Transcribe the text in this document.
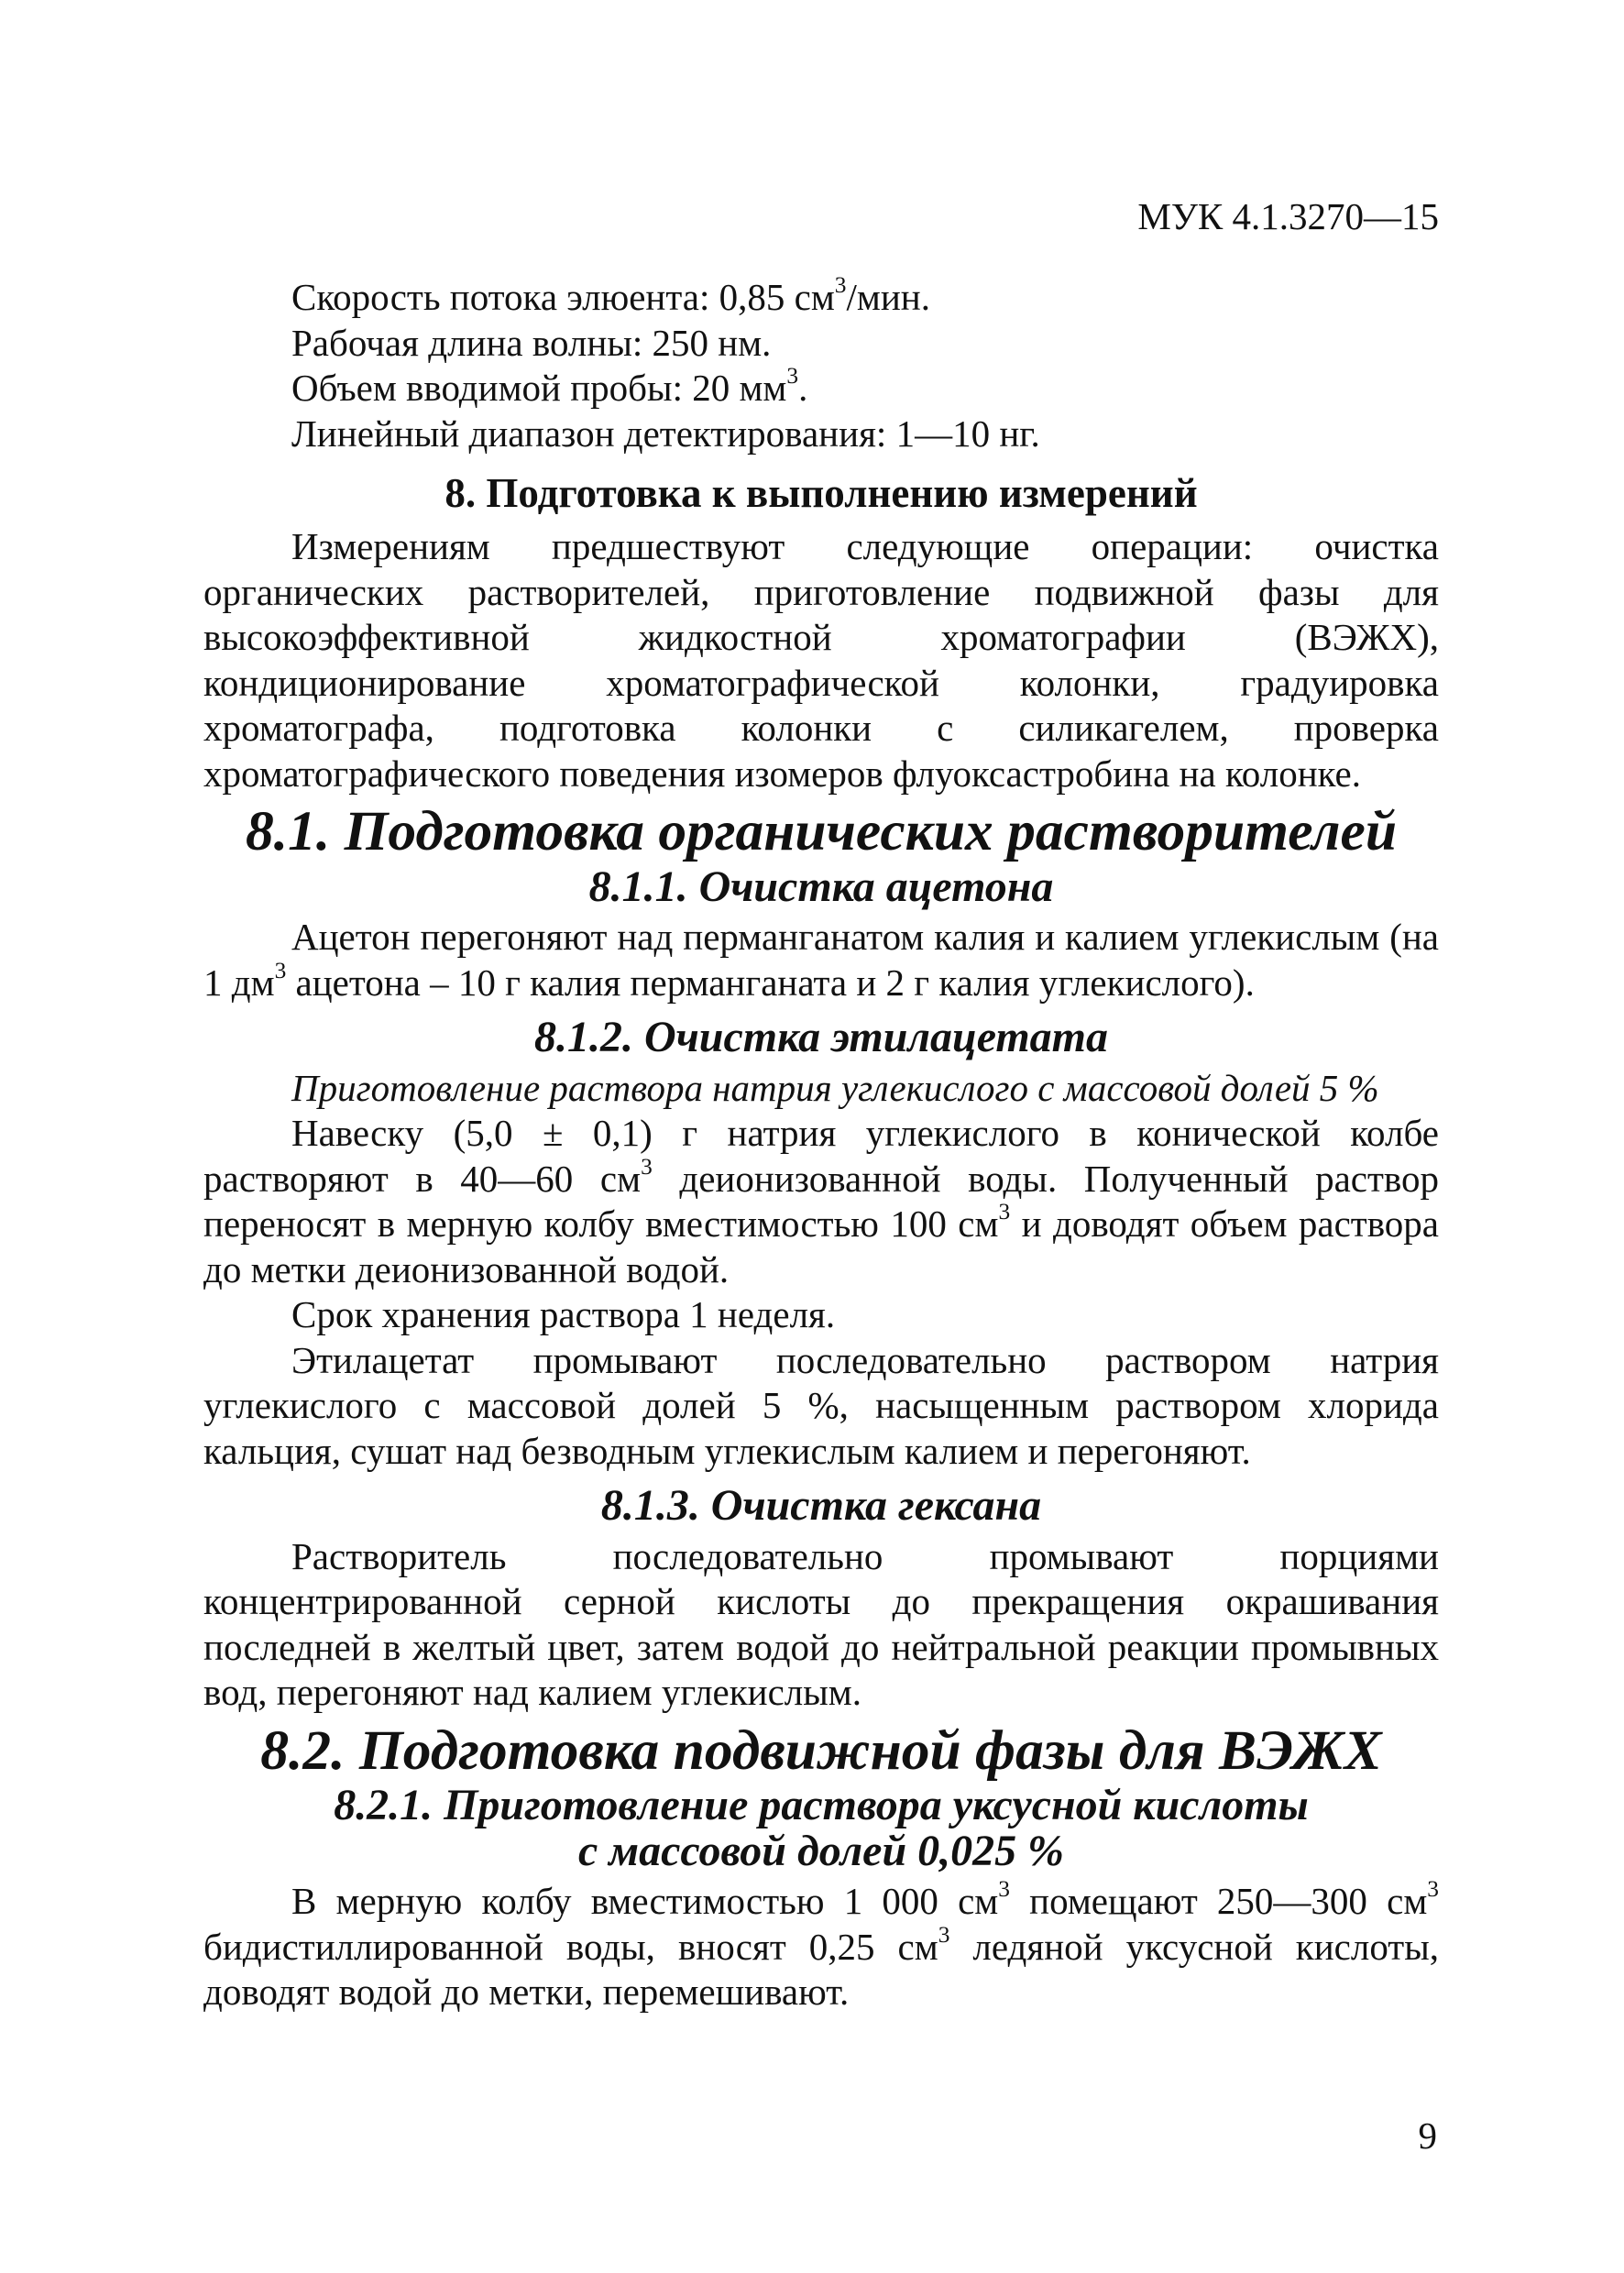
МУК 4.1.3270—15

Скорость потока элюента: 0,85 $см^3$/мин.
Рабочая длина волны: 250 нм.
Объем вводимой пробы: 20 $мм^3$.
Линейный диапазон детектирования: 1—10 нг.
8. Подготовка к выполнению измерений

Измерениям предшествуют следующие операции: очистка органических растворителей, приготовление подвижной фазы для высокоэффективной жидкостной хроматографии (ВЭЖХ), кондиционирование хроматографической колонки, градуировка хроматографа, подготовка колонки с силикагелем, проверка хроматографического поведения изомеров флуоксастробина на колонке.

8.1. Подготовка органических растворителей
8.1.1. Очистка ацетона

Ацетон перегоняют над перманганатом калия и калием углекислым (на 1 $дм^3$ ацетона – 10 г калия перманганата и 2 г калия углекислого).

8.1.2. Очистка этилацетата

Приготовление раствора натрия углекислого с массовой долей 5 %

Навеску (5,0 ± 0,1) г натрия углекислого в конической колбе растворяют в 40—60 $см^3$ деионизованной воды. Полученный раствор переносят в мерную колбу вместимостью 100 $см^3$ и доводят объем раствора до метки деионизованной водой.

Срок хранения раствора 1 неделя.

Этилацетат промывают последовательно раствором натрия углекислого с массовой долей 5 %, насыщенным раствором хлорида кальция, сушат над безводным углекислым калием и перегоняют.

8.1.3. Очистка гексана

Растворитель последовательно промывают порциями концентрированной серной кислоты до прекращения окрашивания последней в желтый цвет, затем водой до нейтральной реакции промывных вод, перегоняют над калием углекислым.

8.2. Подготовка подвижной фазы для ВЭЖХ
8.2.1. Приготовление раствора уксусной кислоты
с массовой долей 0,025 %

В мерную колбу вместимостью 1 000 $см^3$ помещают 250—300 $см^3$ бидистиллированной воды, вносят 0,25 $см^3$ ледяной уксусной кислоты, доводят водой до метки, перемешивают.

9
